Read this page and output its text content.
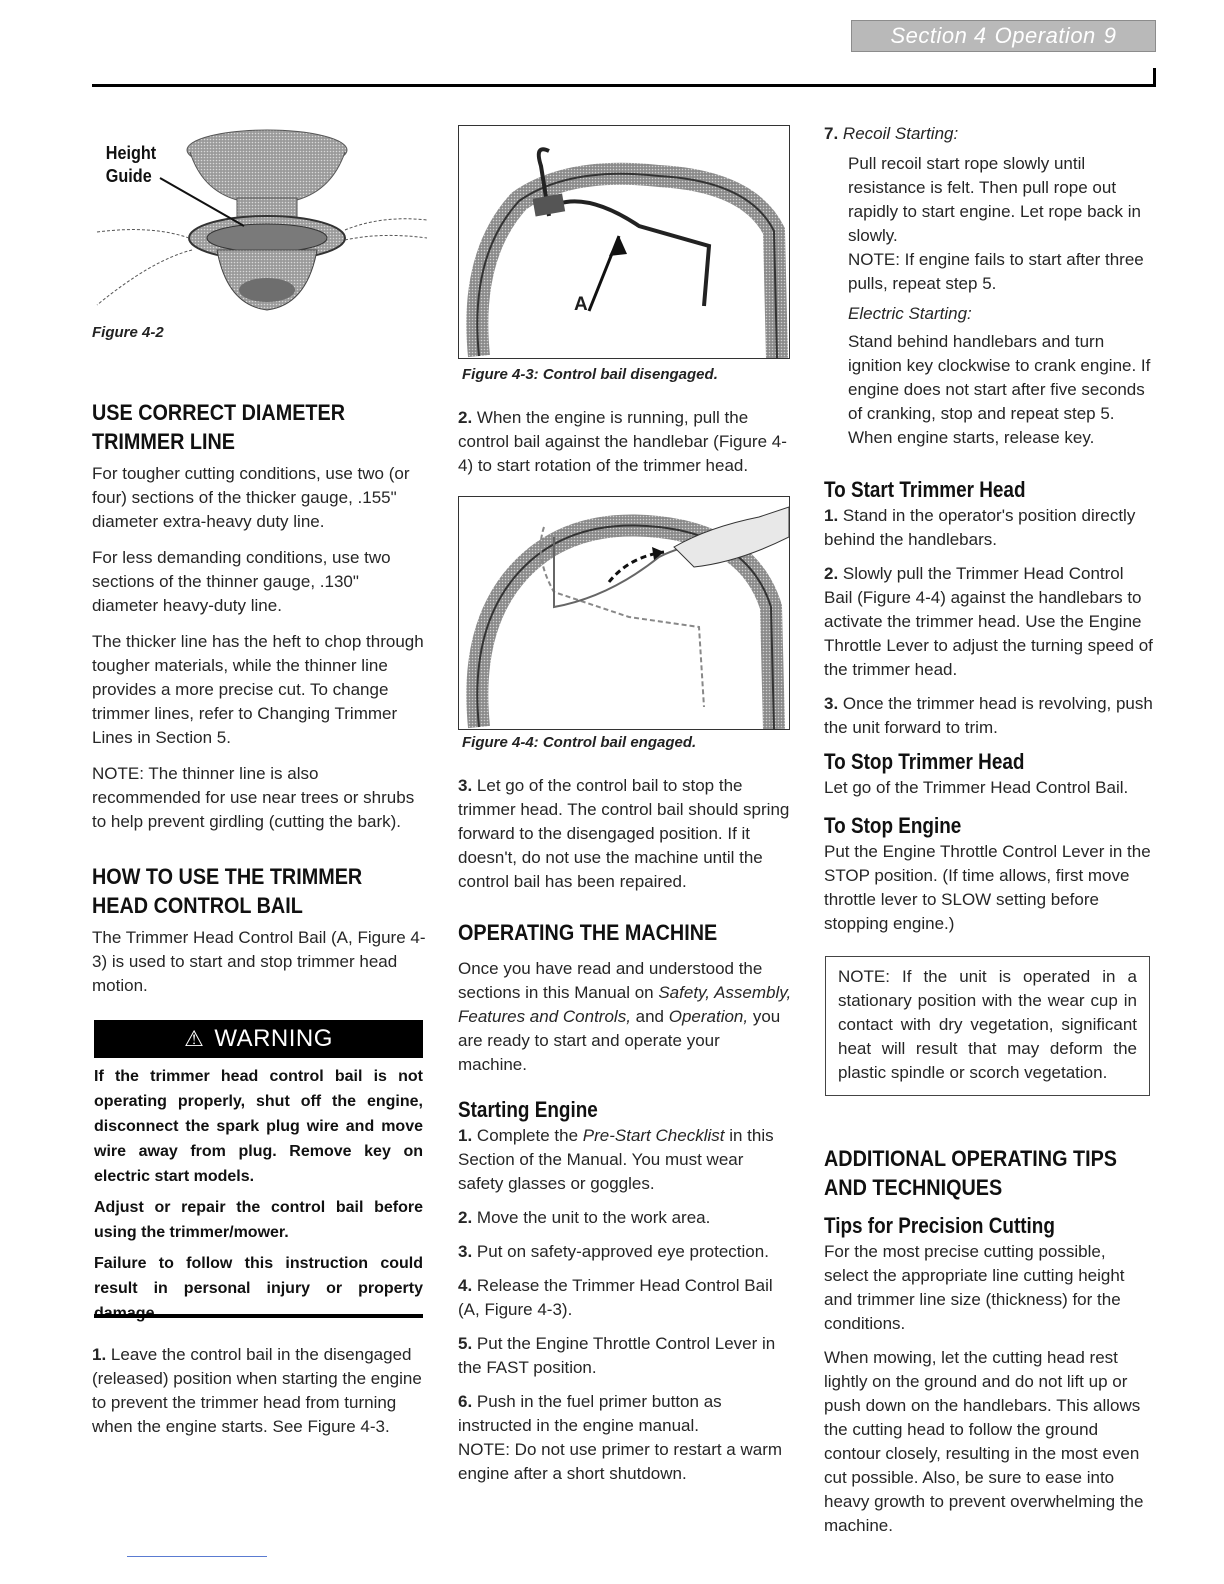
Section 4 Operation 9
Height
Guide

Figure 4-2

USE CORRECT DIAMETER
TRIMMER LINE

For tougher cutting conditions, use two (or four) sections of the thicker gauge, .155" diameter extra-heavy duty line.

For less demanding conditions, use two sections of the thinner gauge, .130" diameter heavy-duty line.

The thicker line has the heft to chop through tougher materials, while the thinner line provides a more precise cut. To change trimmer lines, refer to Changing Trimmer Lines in Section 5.

NOTE: The thinner line is also recommended for use near trees or shrubs to help prevent girdling (cutting the bark).

HOW TO USE THE TRIMMER
HEAD CONTROL BAIL

The Trimmer Head Control Bail (A, Figure 4-3) is used to start and stop trimmer head motion.

⚠ WARNING

If the trimmer head control bail is not operating properly, shut off the engine, disconnect the spark plug wire and move wire away from plug. Remove key on electric start models.

Adjust or repair the control bail before using the trimmer/mower.

Failure to follow this instruction could result in personal injury or property

1. Leave the control bail in the disengaged (released) position when starting the engine to prevent the trimmer head from turning when the engine starts. See Figure 4-3.

A

Figure 4-3: Control bail disengaged.

2. When the engine is running, pull the control bail against the handlebar (Figure 4-4) to start rotation of the trimmer head.

Figure 4-4: Control bail engaged.

3. Let go of the control bail to stop the trimmer head. The control bail should spring forward to the disengaged position. If it doesn't, do not use the machine until the control bail has been repaired.

OPERATING THE MACHINE

Once you have read and understood the sections in this Manual on Safety, Assembly, Features and Controls, and Operation, you are ready to start and operate your machine.

Starting Engine

1. Complete the Pre-Start Checklist in this Section of the Manual. You must wear safety glasses or goggles.

2. Move the unit to the work area.

3. Put on safety-approved eye protection.

4. Release the Trimmer Head Control Bail (A, Figure 4-3).

5. Put the Engine Throttle Control Lever in the FAST position.

6. Push in the fuel primer button as instructed in the engine manual.

NOTE: Do not use primer to restart a warm engine after a short shutdown.

7. Recoil Starting:

Pull recoil start rope slowly until resistance is felt. Then pull rope out rapidly to start engine. Let rope back in slowly.

NOTE: If engine fails to start after three pulls, repeat step 5.

Electric Starting:

Stand behind handlebars and turn ignition key clockwise to crank engine. If engine does not start after five seconds of cranking, stop and repeat step 5. When engine starts, release key.

To Start Trimmer Head

1. Stand in the operator's position directly behind the handlebars.

2. Slowly pull the Trimmer Head Control Bail (Figure 4-4) against the handlebars to activate the trimmer head. Use the Engine Throttle Lever to adjust the turning speed of the trimmer head.

3. Once the trimmer head is revolving, push the unit forward to trim.

To Stop Trimmer Head

Let go of the Trimmer Head Control Bail.

To Stop Engine

Put the Engine Throttle Control Lever in the STOP position. (If time allows, first move throttle lever to SLOW setting before stopping engine.)

NOTE: If the unit is operated in a stationary position with the wear cup in contact with dry vegetation, significant heat will result that may deform the plastic spindle or scorch vegetation.

ADDITIONAL OPERATING TIPS
AND TECHNIQUES
Tips for Precision Cutting

For the most precise cutting possible, select the appropriate line cutting height and trimmer line size (thickness) for the conditions.

When mowing, let the cutting head rest lightly on the ground and do not lift up or push down on the handlebars. This allows the cutting head to follow the ground contour closely, resulting in the most even cut possible. Also, be sure to ease into heavy growth to prevent overwhelming the machine.
